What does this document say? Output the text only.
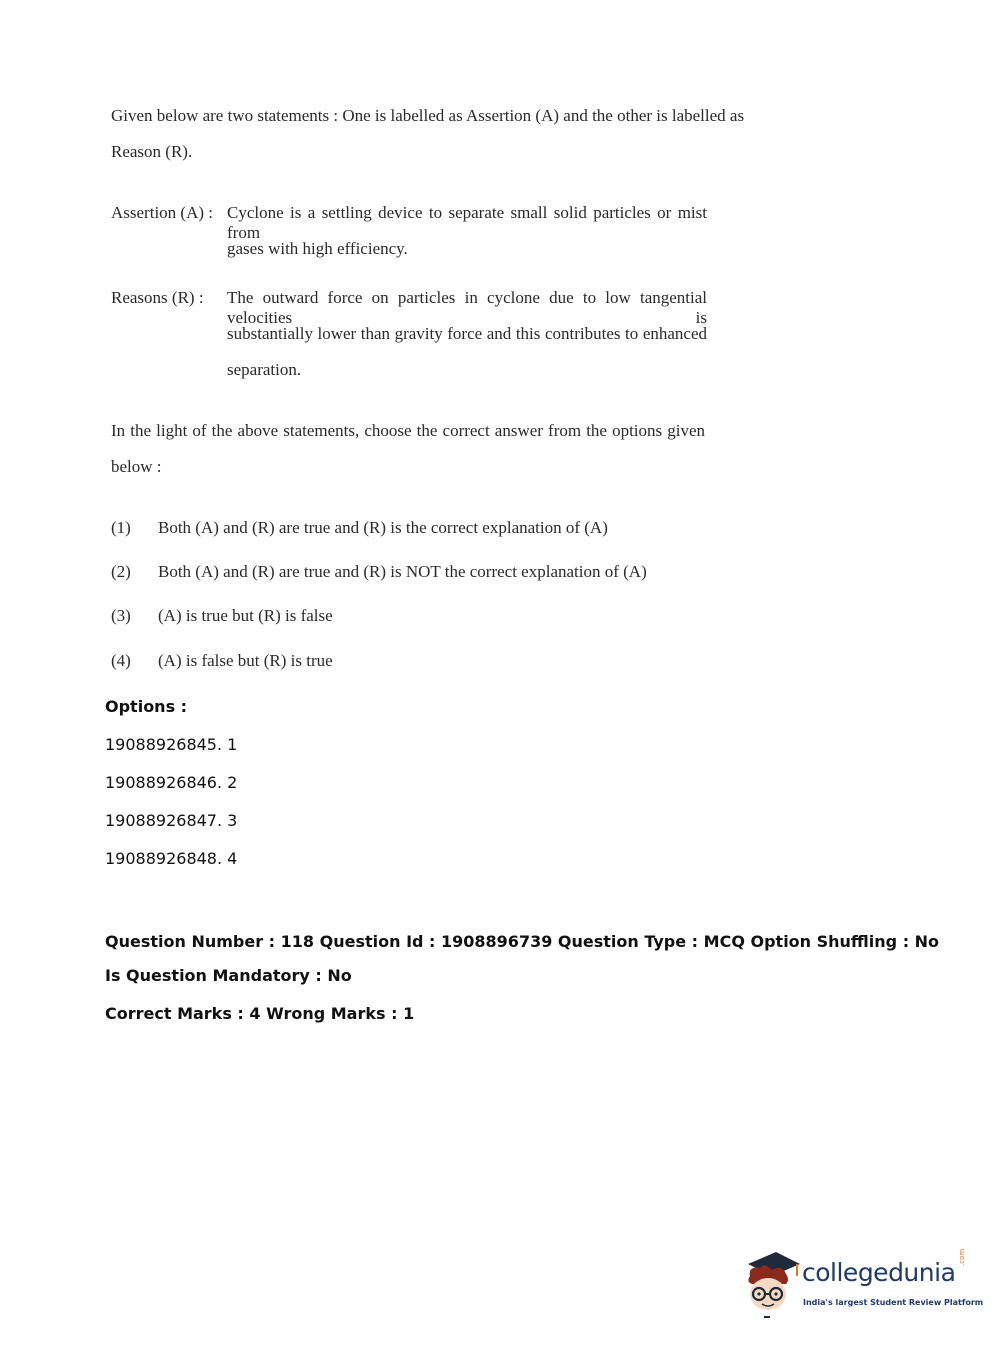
Given below are two statements : One is labelled as Assertion (A) and the other is labelled as
Reason (R).
Assertion (A) : Cyclone is a settling device to separate small solid particles or mist from
gases with high efficiency.
Reasons (R) : The outward force on particles in cyclone due to low tangential velocities is
substantially lower than gravity force and this contributes to enhanced
separation.
In the light of the above statements, choose the correct answer from the options given
below :
(1) Both (A) and (R) are true and (R) is the correct explanation of (A)
(2) Both (A) and (R) are true and (R) is NOT the correct explanation of (A)
(3) (A) is true but (R) is false
(4) (A) is false but (R) is true
Options :
19088926845. 1
19088926846. 2
19088926847. 3
19088926848. 4
Question Number : 118 Question Id : 1908896739 Question Type : MCQ Option Shuffling : No
Is Question Mandatory : No
Correct Marks : 4 Wrong Marks : 1
collegedunia
.com
India's largest Student Review Platform
